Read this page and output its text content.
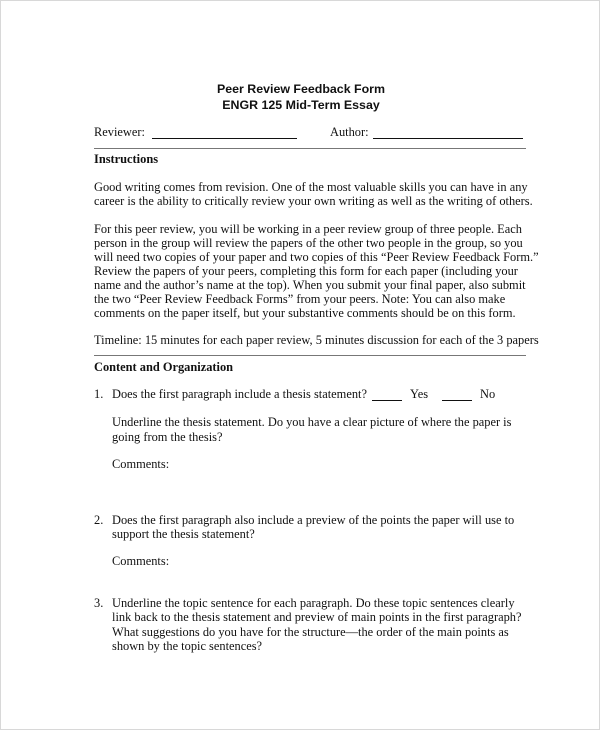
Peer Review Feedback Form
ENGR 125 Mid-Term Essay
Reviewer:	Author:
Instructions
Good writing comes from revision. One of the most valuable skills you can have in any
career is the ability to critically review your own writing as well as the writing of others.
For this peer review, you will be working in a peer review group of three people. Each
person in the group will review the papers of the other two people in the group, so you
will need two copies of your paper and two copies of this “Peer Review Feedback Form.”
Review the papers of your peers, completing this form for each paper (including your
name and the author’s name at the top). When you submit your final paper, also submit
the two “Peer Review Feedback Forms” from your peers. Note: You can also make
comments on the paper itself, but your substantive comments should be on this form.
Timeline: 15 minutes for each paper review, 5 minutes discussion for each of the 3 papers
Content and Organization
1. Does the first paragraph include a thesis statement?	Yes	No
Underline the thesis statement. Do you have a clear picture of where the paper is
going from the thesis?
Comments:
2. Does the first paragraph also include a preview of the points the paper will use to
support the thesis statement?
Comments:
3. Underline the topic sentence for each paragraph. Do these topic sentences clearly
link back to the thesis statement and preview of main points in the first paragraph?
What suggestions do you have for the structure—the order of the main points as
shown by the topic sentences?
